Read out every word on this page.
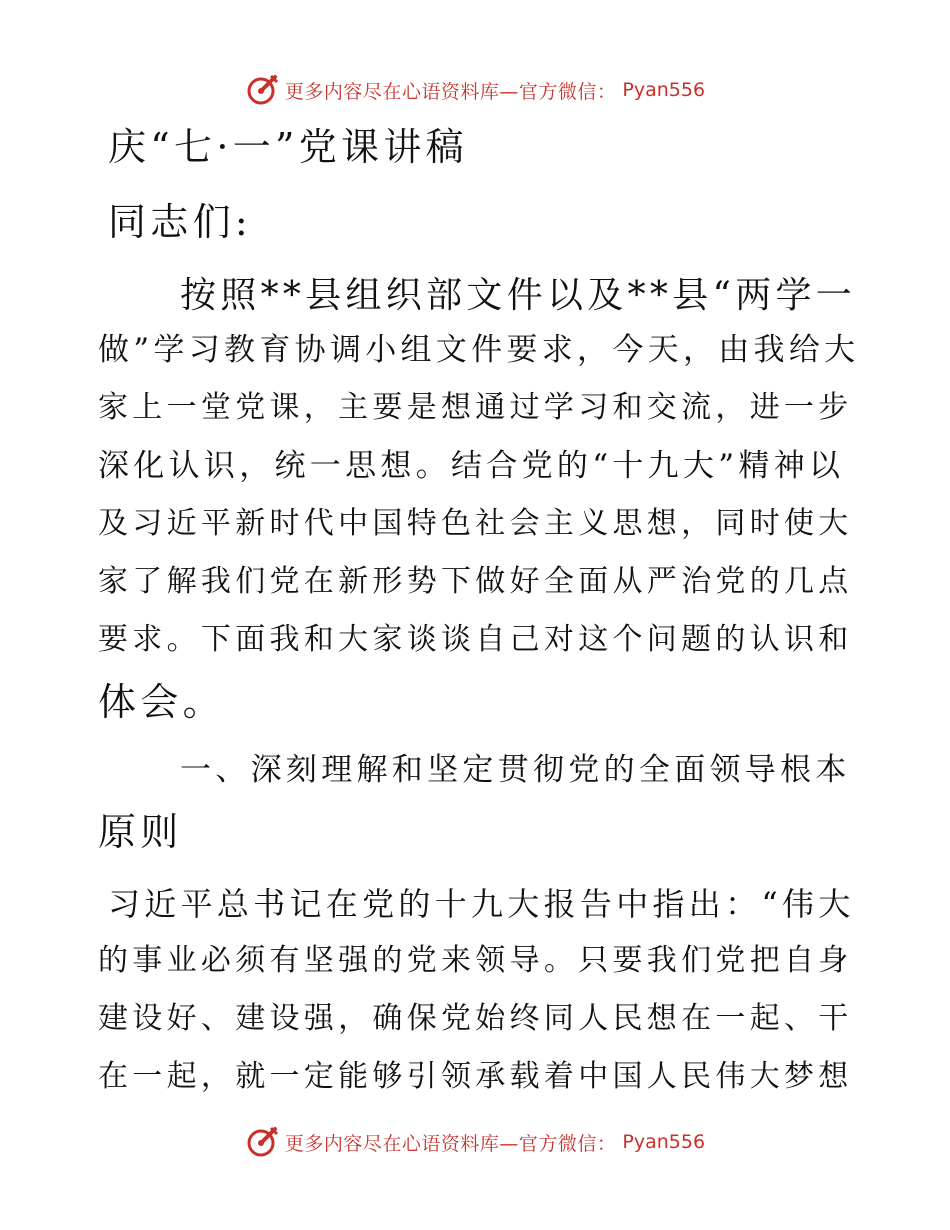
更多内容尽在心语资料库—官方微信： Pyan556
庆“七·一”党课讲稿
同志们:
按照**县组织部文件以及**县“两学一
做”学习教育协调小组文件要求，今天，由我给大
家上一堂党课，主要是想通过学习和交流，进一步
深化认识，统一思想。结合党的“十九大”精神以
及习近平新时代中国特色社会主义思想，同时使大
家了解我们党在新形势下做好全面从严治党的几点
要求。下面我和大家谈谈自己对这个问题的认识和
体会。
一、深刻理解和坚定贯彻党的全面领导根本
原则
习近平总书记在党的十九大报告中指出：“伟大
的事业必须有坚强的党来领导。只要我们党把自身
建设好、建设强，确保党始终同人民想在一起、干
在一起，就一定能够引领承载着中国人民伟大梦想
更多内容尽在心语资料库—官方微信： Pyan556
